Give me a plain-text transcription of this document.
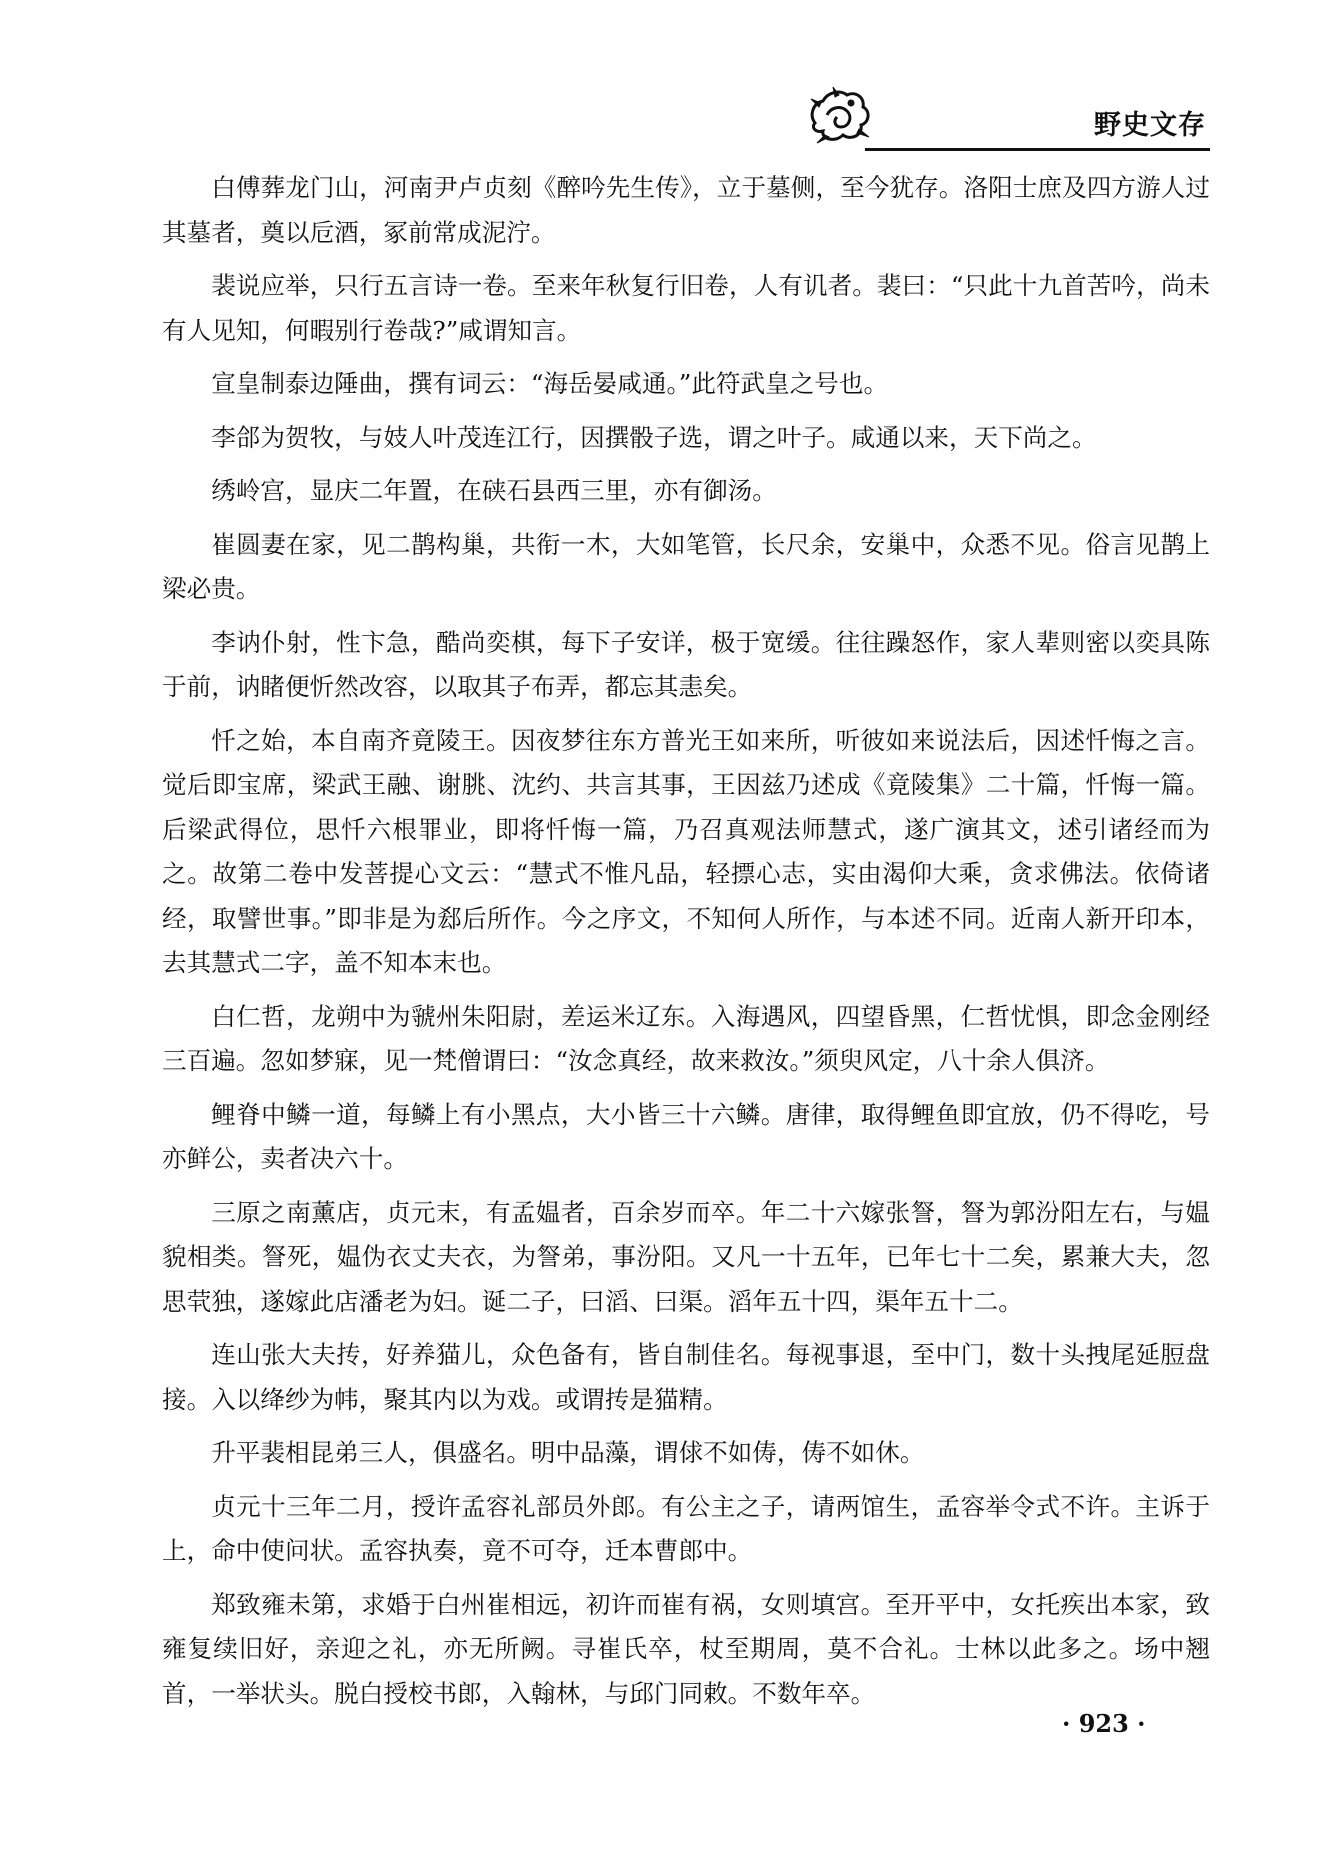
野史文存

白傅葬龙门山，河南尹卢贞刻《醉吟先生传》，立于墓侧，至今犹存。洛阳士庶及四方游人过其墓者，奠以卮酒，冢前常成泥泞。

裴说应举，只行五言诗一卷。至来年秋复行旧卷，人有讥者。裴曰：“只此十九首苦吟，尚未有人见知，何暇别行卷哉?”咸谓知言。

宣皇制泰边陲曲，撰有词云：“海岳晏咸通。”此符武皇之号也。

李郃为贺牧，与妓人叶茂连江行，因撰骰子选，谓之叶子。咸通以来，天下尚之。

绣岭宫，显庆二年置，在硖石县西三里，亦有御汤。

崔圆妻在家，见二鹊构巢，共衔一木，大如笔管，长尺余，安巢中，众悉不见。俗言见鹊上梁必贵。

李讷仆射，性卞急，酷尚奕棋，每下子安详，极于宽缓。往往躁怒作，家人辈则密以奕具陈于前，讷睹便忻然改容，以取其子布弄，都忘其恚矣。

忏之始，本自南齐竟陵王。因夜梦往东方普光王如来所，听彼如来说法后，因述忏悔之言。觉后即宝席，梁武王融、谢朓、沈约、共言其事，王因兹乃述成《竟陵集》二十篇，忏悔一篇。后梁武得位，思忏六根罪业，即将忏悔一篇，乃召真观法师慧式，遂广演其文，述引诸经而为之。故第二卷中发菩提心文云：“慧式不惟凡品，轻摽心志，实由渴仰大乘，贪求佛法。依倚诸经，取譬世事。”即非是为郄后所作。今之序文，不知何人所作，与本述不同。近南人新开印本，去其慧式二字，盖不知本末也。

白仁哲，龙朔中为虢州朱阳尉，差运米辽东。入海遇风，四望昏黑，仁哲忧惧，即念金刚经三百遍。忽如梦寐，见一梵僧谓曰：“汝念真经，故来救汝。”须臾风定，八十余人俱济。

鲤脊中鳞一道，每鳞上有小黑点，大小皆三十六鳞。唐律，取得鲤鱼即宜放，仍不得吃，号亦鲜公，卖者决六十。

三原之南薰店，贞元末，有孟媪者，百余岁而卒。年二十六嫁张詧，詧为郭汾阳左右，与媪貌相类。詧死，媪伪衣丈夫衣，为詧弟，事汾阳。又凡一十五年，已年七十二矣，累兼大夫，忽思茕独，遂嫁此店潘老为妇。诞二子，曰滔、曰渠。滔年五十四，渠年五十二。

连山张大夫抟，好养猫儿，众色备有，皆自制佳名。每视事退，至中门，数十头拽尾延脰盘接。入以绛纱为帏，聚其内以为戏。或谓抟是猫精。

升平裴相昆弟三人，俱盛名。明中品藻，谓俅不如俦，俦不如休。

贞元十三年二月，授许孟容礼部员外郎。有公主之子，请两馆生，孟容举令式不许。主诉于上，命中使问状。孟容执奏，竟不可夺，迁本曹郎中。

郑致雍未第，求婚于白州崔相远，初许而崔有祸，女则填宫。至开平中，女托疾出本家，致雍复续旧好，亲迎之礼，亦无所阙。寻崔氏卒，杖至期周，莫不合礼。士林以此多之。场中翘首，一举状头。脱白授校书郎，入翰林，与邱门同敕。不数年卒。

· 923 ·
